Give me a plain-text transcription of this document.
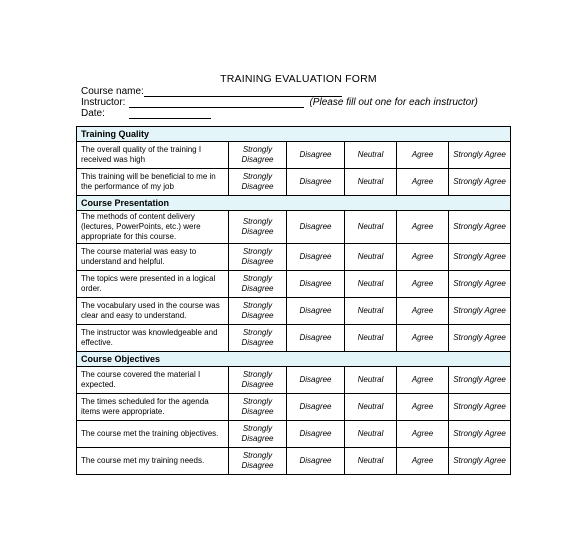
TRAINING EVALUATION FORM
Course name:
Instructor:	(Please fill out one for each instructor)
Date:
Training Quality					
The overall quality of the training I received was high	Strongly Disagree	Disagree	Neutral	Agree	Strongly Agree
This training will be beneficial to me in the performance of my job	Strongly Disagree	Disagree	Neutral	Agree	Strongly Agree
Course Presentation					
The methods of content delivery (lectures, PowerPoints, etc.) were appropriate for this course.	Strongly Disagree	Disagree	Neutral	Agree	Strongly Agree
The course material was easy to understand and helpful.	Strongly Disagree	Disagree	Neutral	Agree	Strongly Agree
The topics were presented in a logical order.	Strongly Disagree	Disagree	Neutral	Agree	Strongly Agree
The vocabulary used in the course was clear and easy to understand.	Strongly Disagree	Disagree	Neutral	Agree	Strongly Agree
The instructor was knowledgeable and effective.	Strongly Disagree	Disagree	Neutral	Agree	Strongly Agree
Course Objectives					
The course covered the material I expected.	Strongly Disagree	Disagree	Neutral	Agree	Strongly Agree
The times scheduled for the agenda items were appropriate.	Strongly Disagree	Disagree	Neutral	Agree	Strongly Agree
The course met the training objectives.	Strongly Disagree	Disagree	Neutral	Agree	Strongly Agree
The course met my training needs.	Strongly Disagree	Disagree	Neutral	Agree	Strongly Agree
